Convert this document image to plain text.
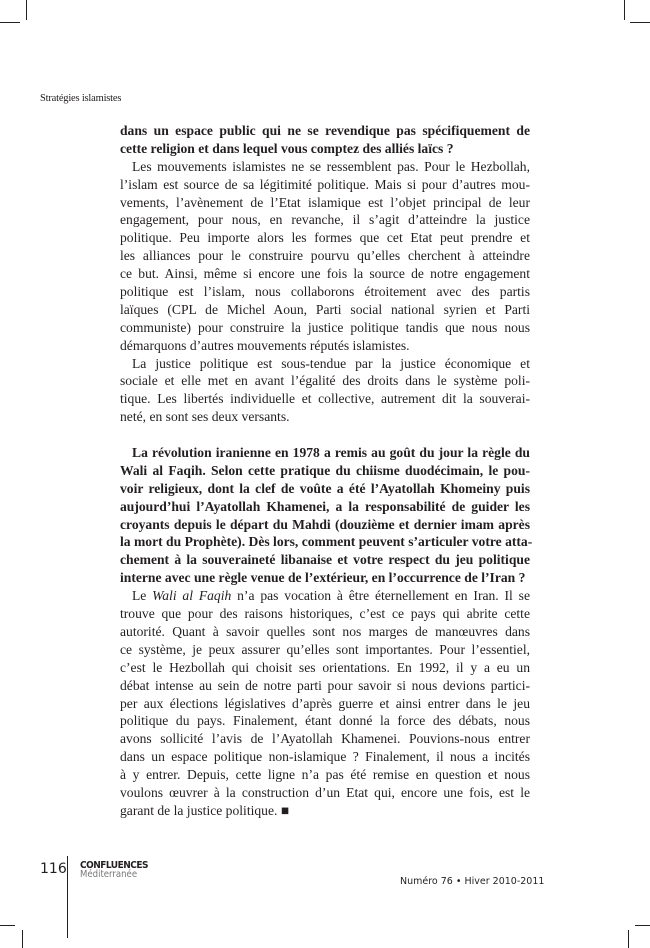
Stratégies islamistes
dans un espace public qui ne se revendique pas spécifiquement de
cette religion et dans lequel vous comptez des alliés laïcs ?
Les mouvements islamistes ne se ressemblent pas. Pour le Hezbollah,
l’islam est source de sa légitimité politique. Mais si pour d’autres mou-
vements, l’avènement de l’Etat islamique est l’objet principal de leur
engagement, pour nous, en revanche, il s’agit d’atteindre la justice
politique. Peu importe alors les formes que cet Etat peut prendre et
les alliances pour le construire pourvu qu’elles cherchent à atteindre
ce but. Ainsi, même si encore une fois la source de notre engagement
politique est l’islam, nous collaborons étroitement avec des partis
laïques (CPL de Michel Aoun, Parti social national syrien et Parti
communiste) pour construire la justice politique tandis que nous nous
démarquons d’autres mouvements réputés islamistes.
La justice politique est sous-tendue par la justice économique et
sociale et elle met en avant l’égalité des droits dans le système poli-
tique. Les libertés individuelle et collective, autrement dit la souverai-
neté, en sont ses deux versants.
La révolution iranienne en 1978 a remis au goût du jour la règle du
Wali al Faqih. Selon cette pratique du chiisme duodécimain, le pou-
voir religieux, dont la clef de voûte a été l’Ayatollah Khomeiny puis
aujourd’hui l’Ayatollah Khamenei, a la responsabilité de guider les
croyants depuis le départ du Mahdi (douzième et dernier imam après
la mort du Prophète). Dès lors, comment peuvent s’articuler votre atta-
chement à la souveraineté libanaise et votre respect du jeu politique
interne avec une règle venue de l’extérieur, en l’occurrence de l’Iran ?
Le Wali al Faqih n’a pas vocation à être éternellement en Iran. Il se
trouve que pour des raisons historiques, c’est ce pays qui abrite cette
autorité. Quant à savoir quelles sont nos marges de manœuvres dans
ce système, je peux assurer qu’elles sont importantes. Pour l’essentiel,
c’est le Hezbollah qui choisit ses orientations. En 1992, il y a eu un
débat intense au sein de notre parti pour savoir si nous devions partici-
per aux élections législatives d’après guerre et ainsi entrer dans le jeu
politique du pays. Finalement, étant donné la force des débats, nous
avons sollicité l’avis de l’Ayatollah Khamenei. Pouvions-nous entrer
dans un espace politique non-islamique ? Finalement, il nous a incités
à y entrer. Depuis, cette ligne n’a pas été remise en question et nous
voulons œuvrer à la construction d’un Etat qui, encore une fois, est le
garant de la justice politique. ■
116 CONFLUENCES
Méditerranée
Numéro 76 • Hiver 2010-2011
